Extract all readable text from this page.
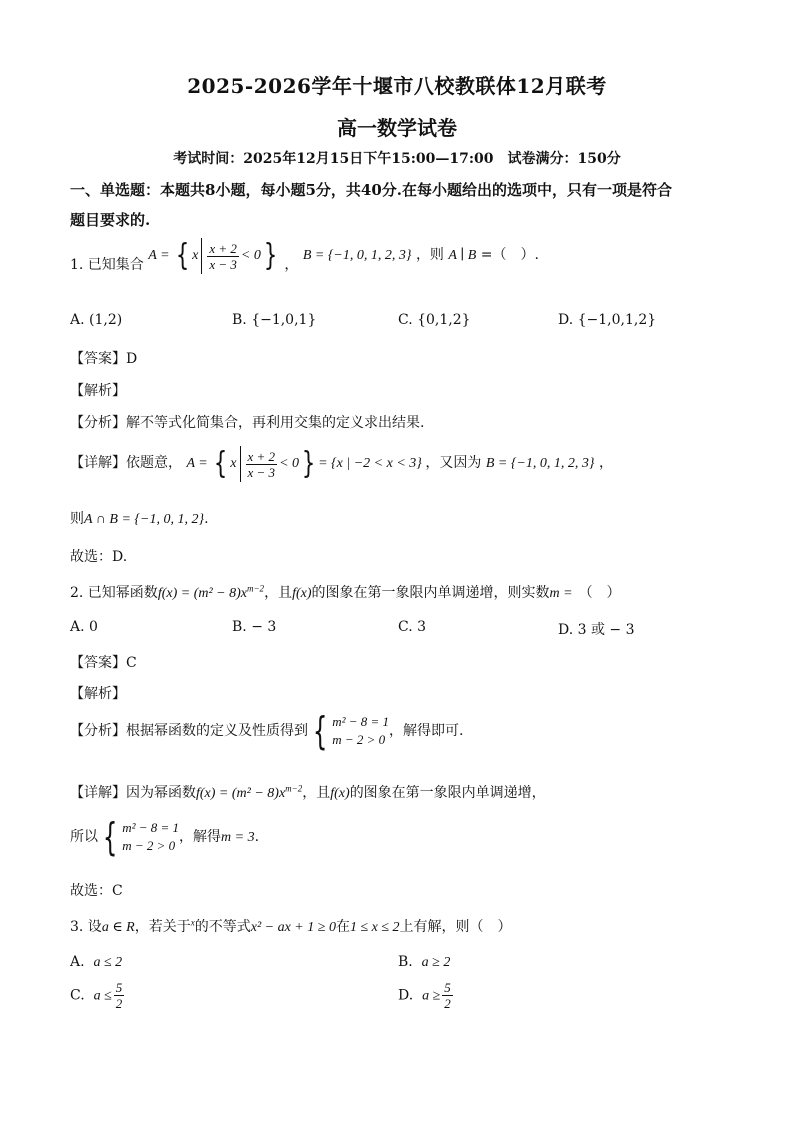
2025-2026学年十堰市八校教联体12月联考
高一数学试卷
考试时间：2025年12月15日下午15:00—17:00　试卷满分：150分
一、单选题：本题共8小题，每小题5分，共40分.在每小题给出的选项中，只有一项是符合
题目要求的.
1. 已知集合 A = { x $\frac{x + 2}{x - 3} < 0$} ， B = {−1, 0, 1, 2, 3} ，则 A ∣ B =（　）.
A. (1,2)	B. {−1,0,1}	C. {0,1,2}	D. {−1,0,1,2}
【答案】D
【解析】
【分析】解不等式化简集合，再利用交集的定义求出结果.
【详解】依题意， A = { x $\frac{x + 2}{x - 3} < 0\} = \{x$ | −2 < x < 3} ，又因为 B = {−1, 0, 1, 2, 3} ，
则A ∩ B = {−1, 0, 1, 2}.
故选：D.
2. 已知幂函数$f(x) = (m^2 - 8)x^{m-2}$，且f(x)的图象在第一象限内单调递增，则实数m = （　）
A. 0	B. − 3	C. 3	D. 3 或 − 3
【答案】C
【解析】
【分析】根据幂函数的定义及性质得到 { m² − 8 = 1
m − 2 > 0
，解得即可.
【详解】因为幂函数$f(x) = (m^2 - 8)x^{m-2}$，且f(x)的图象在第一象限内单调递增，
所以 { m² − 8 = 1
m − 2 > 0
，解得m = 3.
故选：C
3. 设a ∈ R，若关于$^x$的不等式x² − ax + 1 ≥ 0在1 ≤ x ≤ 2上有解，则（　）
A. a ≤ 2	B. a ≥ 2
C. $a \le \frac{5}{2}$	D. $a \ge \frac{5}{2}$
